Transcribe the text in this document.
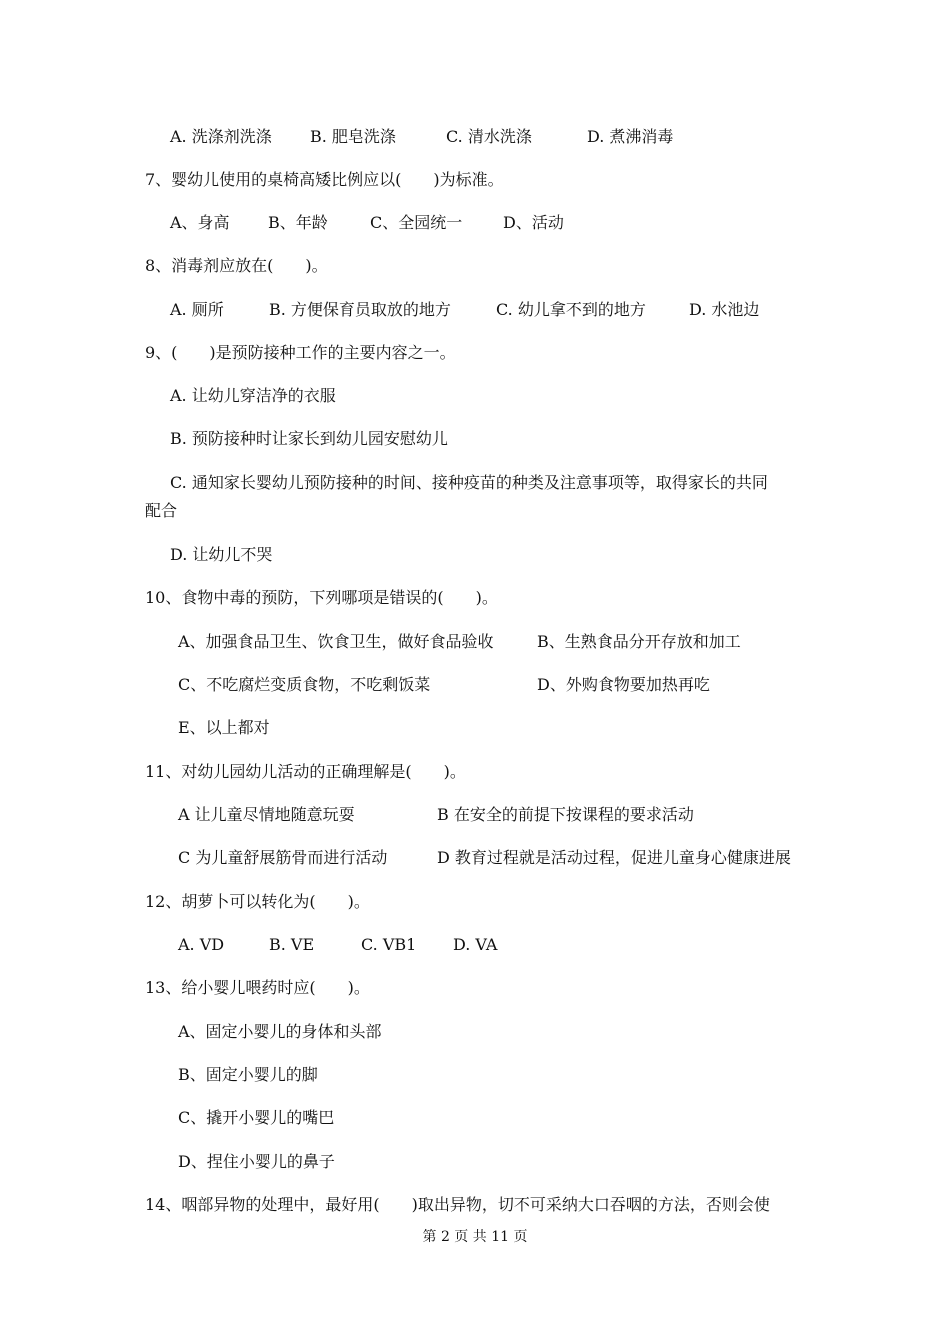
A. 洗涤剂洗涤 B. 肥皂洗涤	C. 清水洗涤	D. 煮沸消毒
7、婴幼儿使用的桌椅高矮比例应以(　　)为标准。
A、身高 B、年龄	C、全园统一	D、活动
8、消毒剂应放在(　　)。
A. 厕所	B. 方便保育员取放的地方	C. 幼儿拿不到的地方	D. 水池边
9、(　　)是预防接种工作的主要内容之一。
A. 让幼儿穿洁净的衣服
B. 预防接种时让家长到幼儿园安慰幼儿
C. 通知家长婴幼儿预防接种的时间、接种疫苗的种类及注意事项等，取得家长的共同
配合
D. 让幼儿不哭
10、食物中毒的预防，下列哪项是错误的(　　)。
A、加强食品卫生、饮食卫生，做好食品验收	B、生熟食品分开存放和加工
C、不吃腐烂变质食物，不吃剩饭菜	D、外购食物要加热再吃
E、以上都对
11、对幼儿园幼儿活动的正确理解是(　　)。
A 让儿童尽情地随意玩耍	B 在安全的前提下按课程的要求活动
C 为儿童舒展筋骨而进行活动	D 教育过程就是活动过程，促进儿童身心健康进展
12、胡萝卜可以转化为(　　)。
A. VD	B. VE	C. VB1 D. VA
13、给小婴儿喂药时应(　　)。
A、固定小婴儿的身体和头部
B、固定小婴儿的脚
C、撬开小婴儿的嘴巴
D、捏住小婴儿的鼻子
14、咽部异物的处理中，最好用(　　)取出异物，切不可采纳大口吞咽的方法，否则会使
第 2 页 共 11 页
